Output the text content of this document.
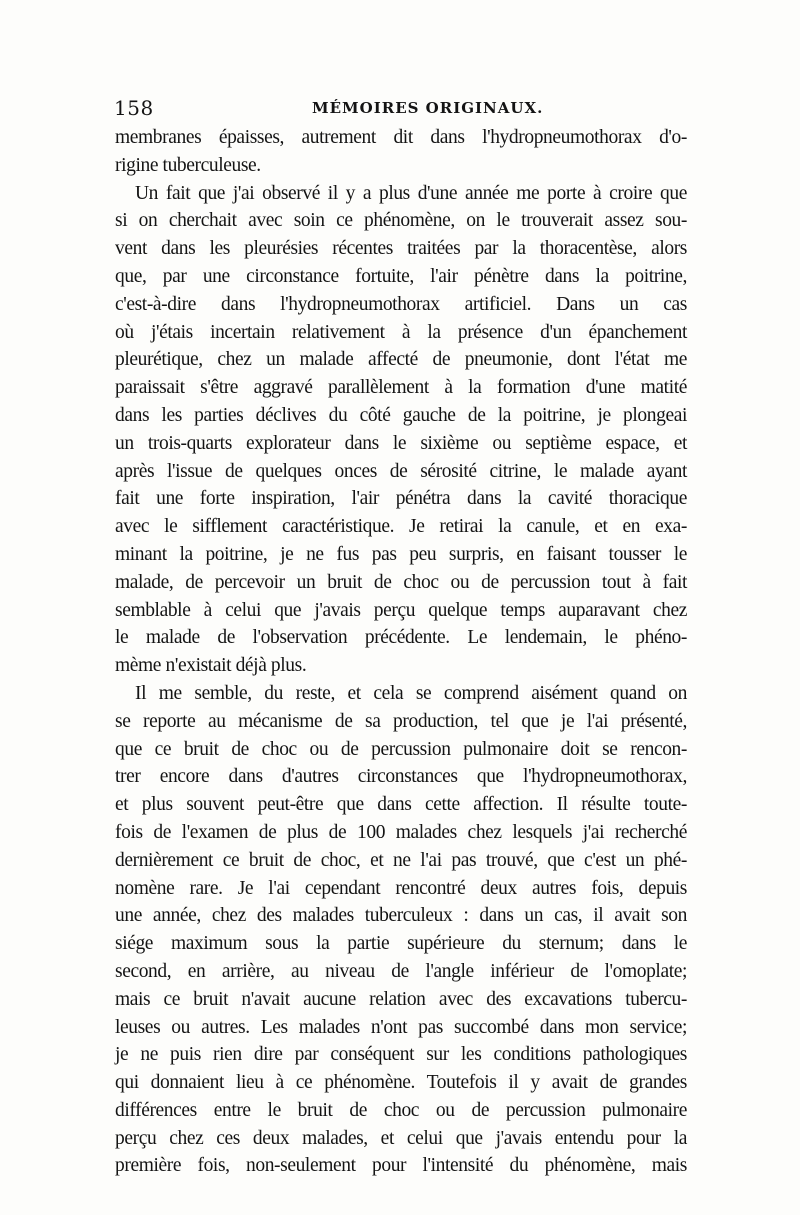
158	MÉMOIRES ORIGINAUX.
membranes épaisses, autrement dit dans l'hydropneumothorax d'o-
rigine tuberculeuse.
Un fait que j'ai observé il y a plus d'une année me porte à croire que
si on cherchait avec soin ce phénomène, on le trouverait assez sou-
vent dans les pleurésies récentes traitées par la thoracentèse, alors
que, par une circonstance fortuite, l'air pénètre dans la poitrine,
c'est-à-dire dans l'hydropneumothorax artificiel. Dans un cas
où j'étais incertain relativement à la présence d'un épanchement
pleurétique, chez un malade affecté de pneumonie, dont l'état me
paraissait s'être aggravé parallèlement à la formation d'une matité
dans les parties déclives du côté gauche de la poitrine, je plongeai
un trois-quarts explorateur dans le sixième ou septième espace, et
après l'issue de quelques onces de sérosité citrine, le malade ayant
fait une forte inspiration, l'air pénétra dans la cavité thoracique
avec le sifflement caractéristique. Je retirai la canule, et en exa-
minant la poitrine, je ne fus pas peu surpris, en faisant tousser le
malade, de percevoir un bruit de choc ou de percussion tout à fait
semblable à celui que j'avais perçu quelque temps auparavant chez
le malade de l'observation précédente. Le lendemain, le phéno-
mème n'existait déjà plus.
Il me semble, du reste, et cela se comprend aisément quand on
se reporte au mécanisme de sa production, tel que je l'ai présenté,
que ce bruit de choc ou de percussion pulmonaire doit se rencon-
trer encore dans d'autres circonstances que l'hydropneumothorax,
et plus souvent peut-être que dans cette affection. Il résulte toute-
fois de l'examen de plus de 100 malades chez lesquels j'ai recherché
dernièrement ce bruit de choc, et ne l'ai pas trouvé, que c'est un phé-
nomène rare. Je l'ai cependant rencontré deux autres fois, depuis
une année, chez des malades tuberculeux : dans un cas, il avait son
siége maximum sous la partie supérieure du sternum; dans le
second, en arrière, au niveau de l'angle inférieur de l'omoplate;
mais ce bruit n'avait aucune relation avec des excavations tubercu-
leuses ou autres. Les malades n'ont pas succombé dans mon service;
je ne puis rien dire par conséquent sur les conditions pathologiques
qui donnaient lieu à ce phénomène. Toutefois il y avait de grandes
différences entre le bruit de choc ou de percussion pulmonaire
perçu chez ces deux malades, et celui que j'avais entendu pour la
première fois, non-seulement pour l'intensité du phénomène, mais
